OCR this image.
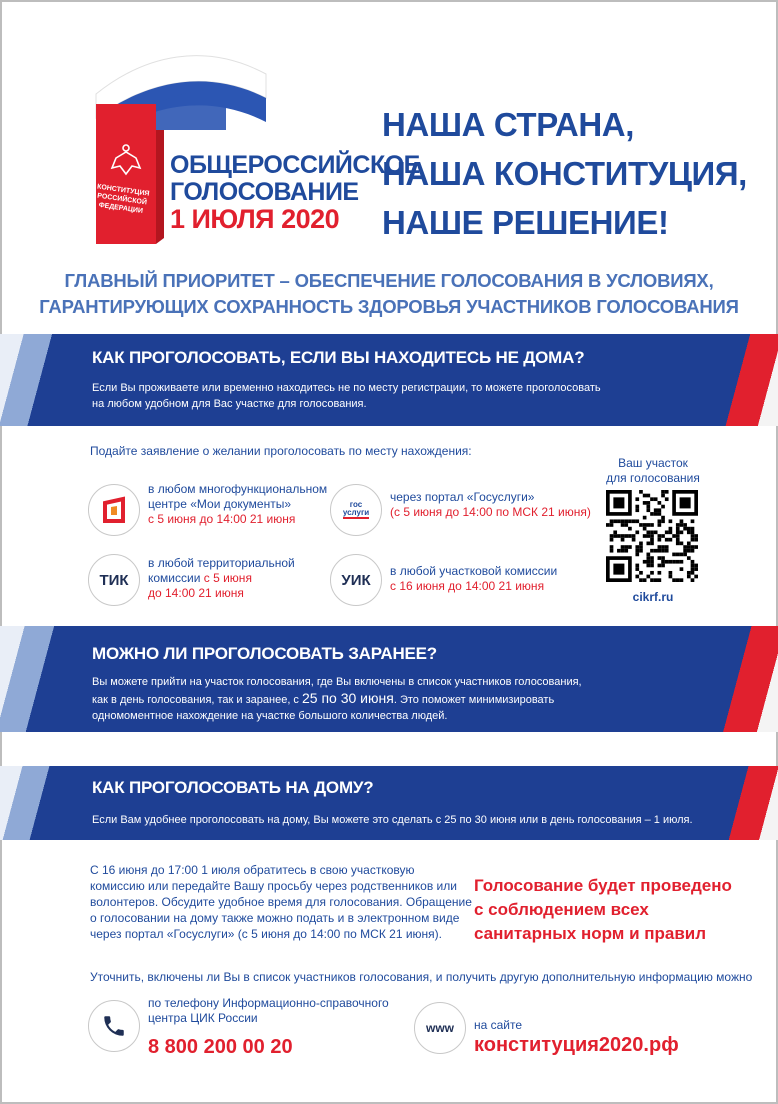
КОНСТИТУЦИЯ РОССИЙСКОЙ ФЕДЕРАЦИИ
ОБЩЕРОССИЙСКОЕ
ГОЛОСОВАНИЕ
1 ИЮЛЯ 2020
НАША СТРАНА,
НАША КОНСТИТУЦИЯ,
НАШЕ РЕШЕНИЕ!
ГЛАВНЫЙ ПРИОРИТЕТ – ОБЕСПЕЧЕНИЕ ГОЛОСОВАНИЯ В УСЛОВИЯХ,
ГАРАНТИРУЮЩИХ СОХРАННОСТЬ ЗДОРОВЬЯ УЧАСТНИКОВ ГОЛОСОВАНИЯ
КАК ПРОГОЛОСОВАТЬ, ЕСЛИ ВЫ НАХОДИТЕСЬ НЕ ДОМА?

Если Вы проживаете или временно находитесь не по месту регистрации, то можете проголосовать
на любом удобном для Вас участке для голосования.

Подайте заявление о желании проголосовать по месту нахождения:
в любом многофункциональном
центре «Мои документы»
с 5 июня до 14:00 21 июня
гос
услуги
через портал «Госуслуги»
(с 5 июня до 14:00 по МСК 21 июня)
ТИК
в любой территориальной
комиссии с 5 июня
до 14:00 21 июня
УИК
в любой участковой комиссии
с 16 июня до 14:00 21 июня
Ваш участок
для голосования
cikrf.ru
МОЖНО ЛИ ПРОГОЛОСОВАТЬ ЗАРАНЕЕ?

Вы можете прийти на участок голосования, где Вы включены в список участников голосования,
как в день голосования, так и заранее, с 25 по 30 июня. Это поможет минимизировать
одномоментное нахождение на участке большого количества людей.

КАК ПРОГОЛОСОВАТЬ НА ДОМУ?

Если Вам удобнее проголосовать на дому, Вы можете это сделать с 25 по 30 июня или в день голосования – 1 июля.

С 16 июня до 17:00 1 июля обратитесь в свою участковую
комиссию или передайте Вашу просьбу через родственников или
волонтеров. Обсудите удобное время для голосования. Обращение
о голосовании на дому также можно подать и в электронном виде
через портал «Госуслуги» (с 5 июня до 14:00 по МСК 21 июня).
Голосование будет проведено
с соблюдением всех
санитарных норм и правил
Уточнить, включены ли Вы в список участников голосования, и получить другую дополнительную информацию можно
по телефону Информационно-справочного
центра ЦИК России
8 800 200 00 20
www	на сайте
конституция2020.рф
